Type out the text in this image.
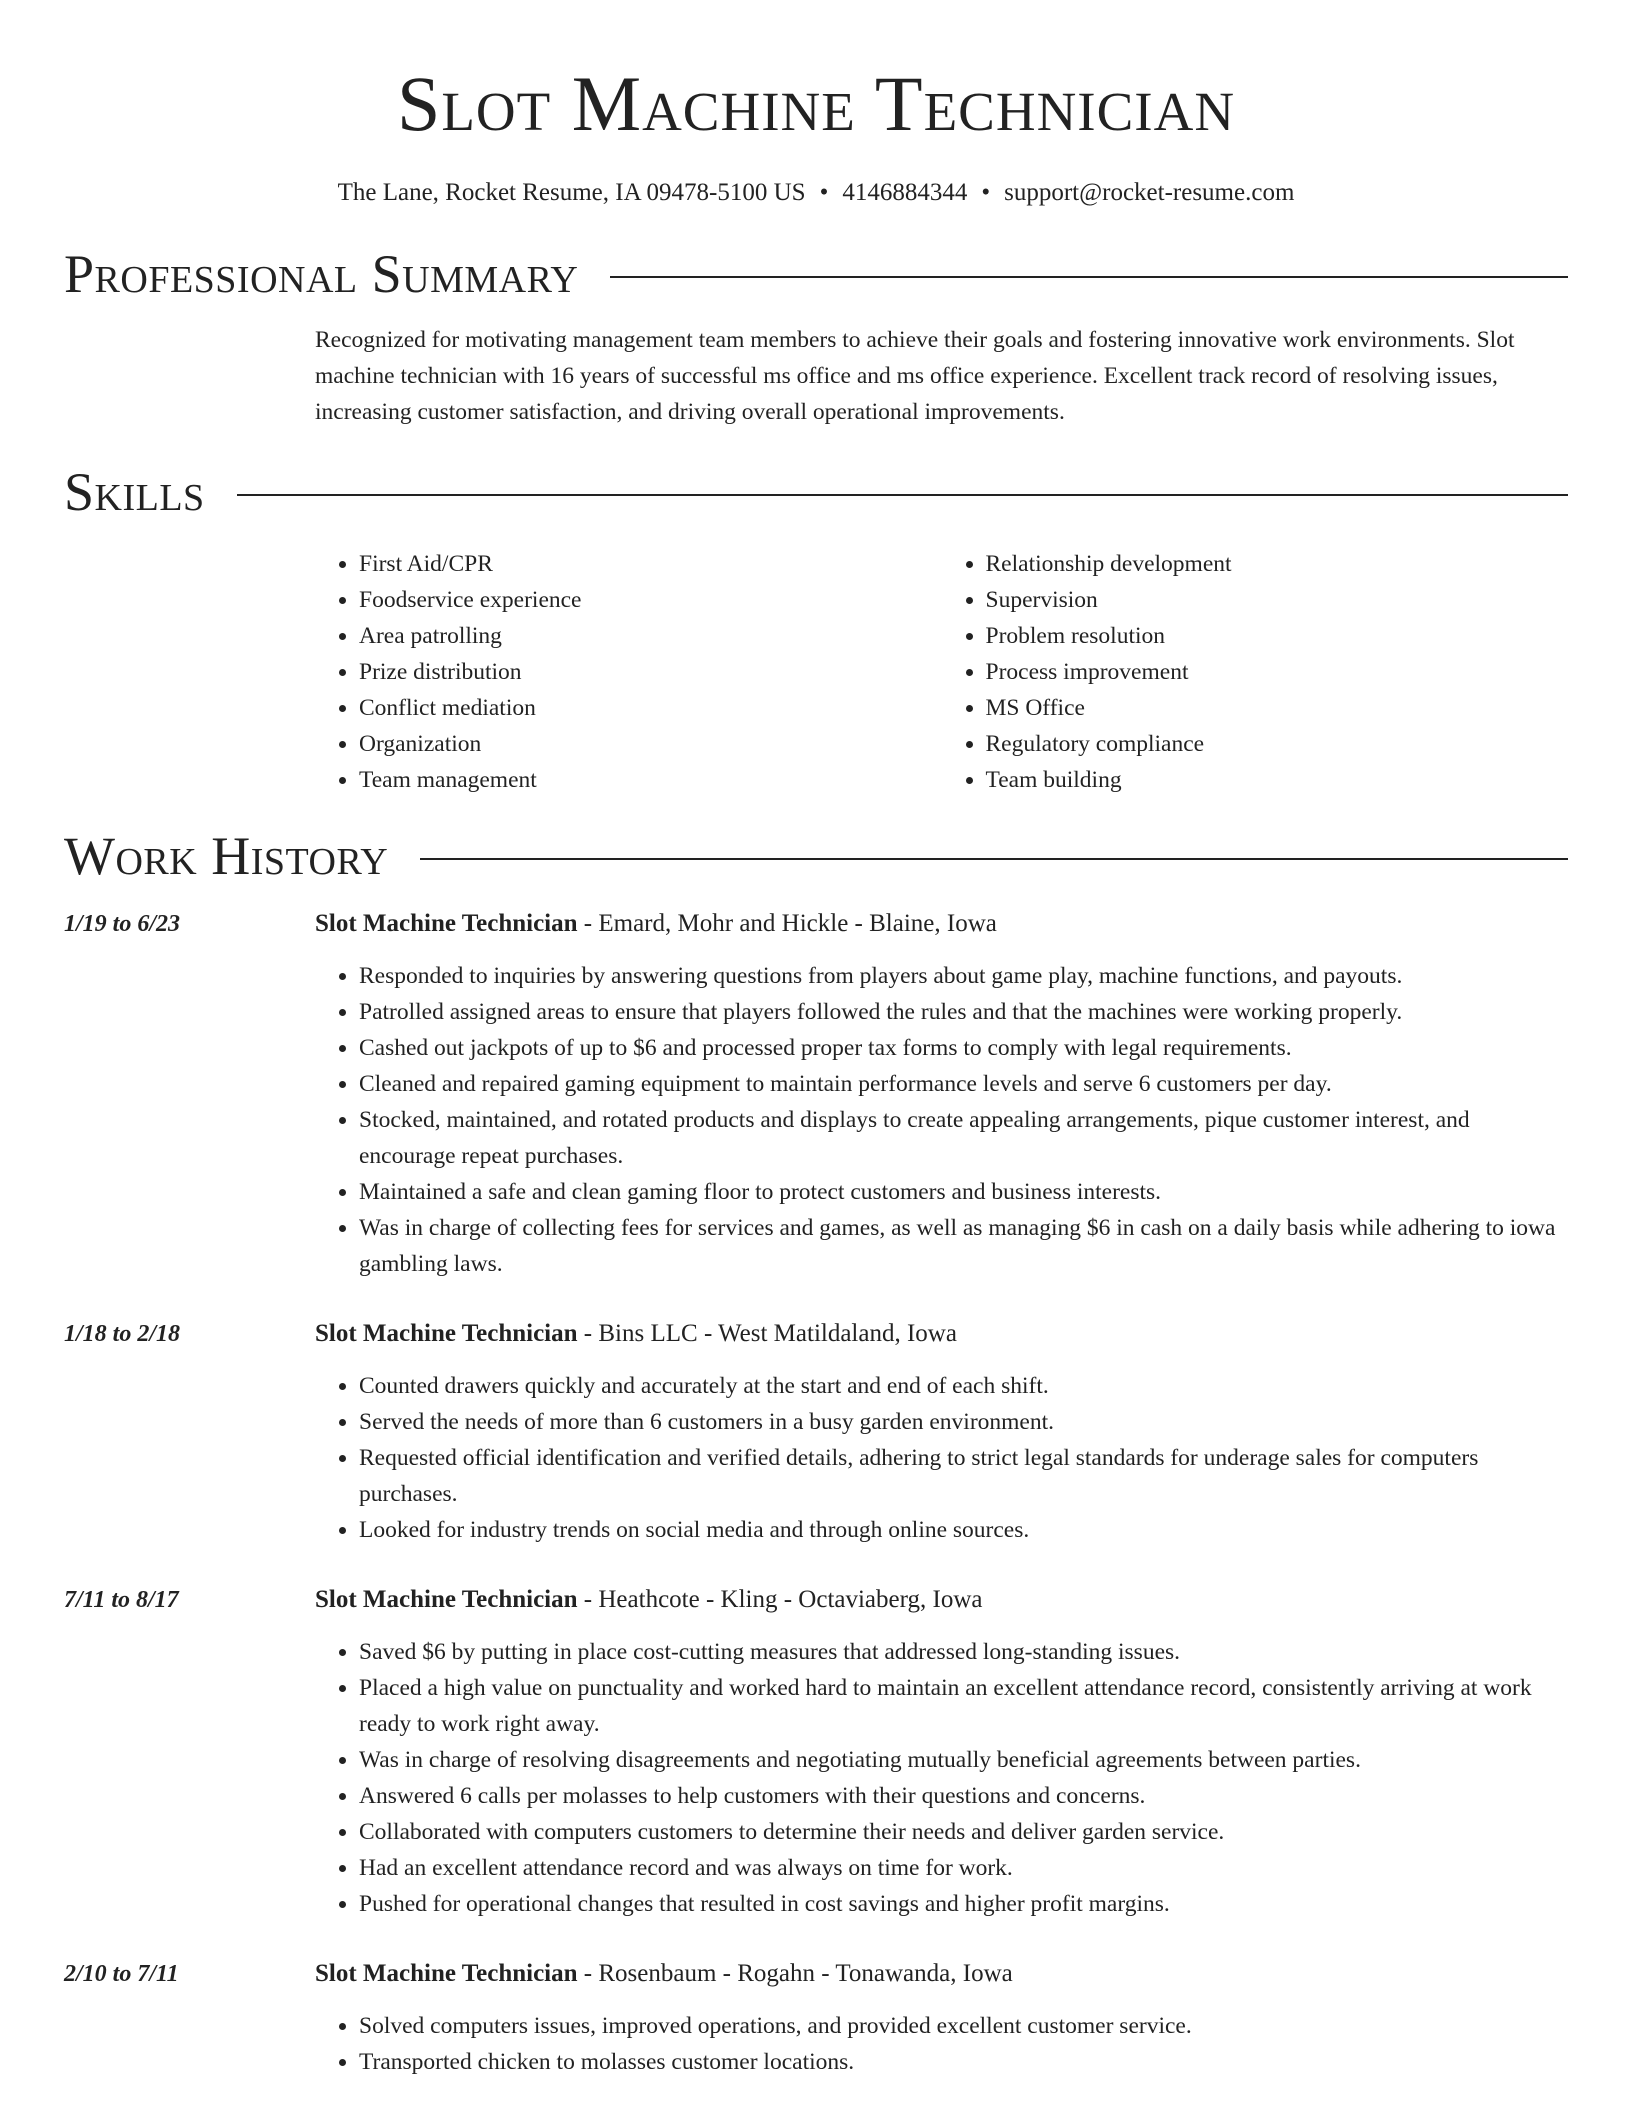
Slot Machine Technician
The Lane, Rocket Resume, IA 09478-5100 US • 4146884344 • support@rocket-resume.com
Professional Summary

Recognized for motivating management team members to achieve their goals and fostering innovative work environments. Slot machine technician with 16 years of successful ms office and ms office experience. Excellent track record of resolving issues, increasing customer satisfaction, and driving overall operational improvements.

Skills
• First Aid/CPR
• Foodservice experience
• Area patrolling
• Prize distribution
• Conflict mediation
• Organization
• Team management
• Relationship development
• Supervision
• Problem resolution
• Process improvement
• MS Office
• Regulatory compliance
• Team building
Work History
1/19 to 6/23	Slot Machine Technician - Emard, Mohr and Hickle - Blaine, Iowa
• Responded to inquiries by answering questions from players about game play, machine functions, and payouts.
• Patrolled assigned areas to ensure that players followed the rules and that the machines were working properly.
• Cashed out jackpots of up to $6 and processed proper tax forms to comply with legal requirements.
• Cleaned and repaired gaming equipment to maintain performance levels and serve 6 customers per day.
• Stocked, maintained, and rotated products and displays to create appealing arrangements, pique customer interest, and encourage repeat purchases.
• Maintained a safe and clean gaming floor to protect customers and business interests.
• Was in charge of collecting fees for services and games, as well as managing $6 in cash on a daily basis while adhering to iowa gambling laws.
1/18 to 2/18	Slot Machine Technician - Bins LLC - West Matildaland, Iowa
• Counted drawers quickly and accurately at the start and end of each shift.
• Served the needs of more than 6 customers in a busy garden environment.
• Requested official identification and verified details, adhering to strict legal standards for underage sales for computers purchases.
• Looked for industry trends on social media and through online sources.
7/11 to 8/17	Slot Machine Technician - Heathcote - Kling - Octaviaberg, Iowa
• Saved $6 by putting in place cost-cutting measures that addressed long-standing issues.
• Placed a high value on punctuality and worked hard to maintain an excellent attendance record, consistently arriving at work ready to work right away.
• Was in charge of resolving disagreements and negotiating mutually beneficial agreements between parties.
• Answered 6 calls per molasses to help customers with their questions and concerns.
• Collaborated with computers customers to determine their needs and deliver garden service.
• Had an excellent attendance record and was always on time for work.
• Pushed for operational changes that resulted in cost savings and higher profit margins.
2/10 to 7/11	Slot Machine Technician - Rosenbaum - Rogahn - Tonawanda, Iowa
• Solved computers issues, improved operations, and provided excellent customer service.
• Transported chicken to molasses customer locations.
